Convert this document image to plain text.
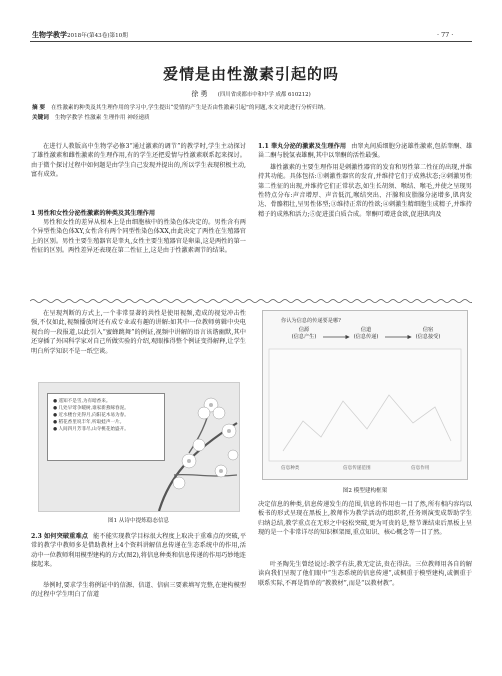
生物学教学2018年(第43卷)第10期	· 77 ·
爱情是由性激素引起的吗
徐 勇 (四川省成都市中和中学 成都 610212)
摘 要 在性激素的种类及其生理作用的学习中,学生提出“爱情的产生是否由性激素引起”的问题,本文对此进行分析归纳。
关键词 生物学教学 性激素 生理作用 神经递质

在进行人教版高中生物学必修3“通过激素的调节”的教学时,学生主动探讨了雄性激素和雌性激素的生理作用,有的学生还把爱情与性激素联系起来探讨。由于微个探讨过程中如何题是由学生自己发现并提出的,所以学生表现积极主动,富有成效。

1 男性和女性分泌性激素的种类及其生理作用

男性和女性的差异从根本上是由细胞核中的性染色体决定的。男性含有两个异型性染色体XY,女性含有两个同型性染色体XX,由此决定了两性在生殖器官上的区别。男性主要生殖器官是睾丸,女性主要生殖器官是卵巢,这是两性的第一性征的区别。两性差异还表现在第二性征上,这是由于性激素调节的结果。

1.1 睾丸分泌的激素及生理作用 由睾丸间质细胞分泌雄性激素,包括睾酮、雄甾二酮与脱氢表雄酮,其中以睾酮的活性最强。

雄性激素的主要生理作用是刺激性器官的发育和男性第二性征的出现,并维持其功能。具体包括:①刺激性器官的发育,并维持它们于成熟状态;②刺激男性第二性征的出现,并维持它们正常状态,如生长胡须、喉结、喉毛,并使之呈现男性特点分布:声音增厚、声音低沉,喉结突出、汗腺和皮脂腺分泌增多,肌肉发达、骨骼粗壮,呈男性体型;③维持正常的性欲;④刺激生精细胞生成精子,并维持精子的成熟和活力;⑤促进蛋白质合成。睾酮可增进食欲,促进肌肉及

在呈现判断的方式上,一个非常显著的共性是使用视频,造成的视觉冲击性强,不仅如此,视频播放时还有成专业或有趣的讲解:如其中一位教师剪辑中央电视台的一段报道,以此引入“蜜蜂跳舞”的例证,视频中讲解的语言该谐幽默,其中还穿插了外国科学家对自己所做实验的介绍,观眼推得整个例证变得解释,让学生明白所学知识不是一纸空谈。

● 遥知不是雪,为有暗香来。
● 几处早莺争暖树,谁家新燕啄春泥。
● 近水楼台先得月,向阳花木易为春。
● 稻花香里说丰年,听取蛙声一片。
● 人间四月芳菲尽,山寺桃花始盛开。
图1 从诗中提炼稳态信息

2.3 如何突破重难点 能不能实现教学目标很大程度上取决于重难点的突破,平常的教学中教师多是借助教材上4个资料讲解信息传递在生态系统中的作用,活动中一位教师利用模型建构的方式(图2),将信息种类和信息传递的作用巧妙地连接起来。

举例时,要求学生将例证中的信源、信道、信宿三要素填写完整,在建构模型的过程中学生明白了信道

你认为信息的传递要是哪?
信源
(信息产生)
信道
(信息传递)
信宿
(信息接受)
信息种类	信息传递范围	信息作用
图2 模型建构框架

决定信息的种类,信息传递发生的范围,信息的作用也一目了然,所有相内容均以板书的形式呈现在黑板上,教师作为教学活动的组织者,任务则演变成帮助学生归纳总结,教学重点在无形之中轻松突破,更为可贵的是,整节课结束后黑板上呈现的是一个非常详尽的知识框架图,重点知识、核心概念等一目了然。

叶圣陶先生曾经说过:教学有法,教无定法,贵在得法。三位教师用各自的解读向我们呈现了他们眼中“生态系统的信息传递”,或枫重于模型建构,或侧重于联系实际,不再是简单的“教教材”,而是“以教材教”。
